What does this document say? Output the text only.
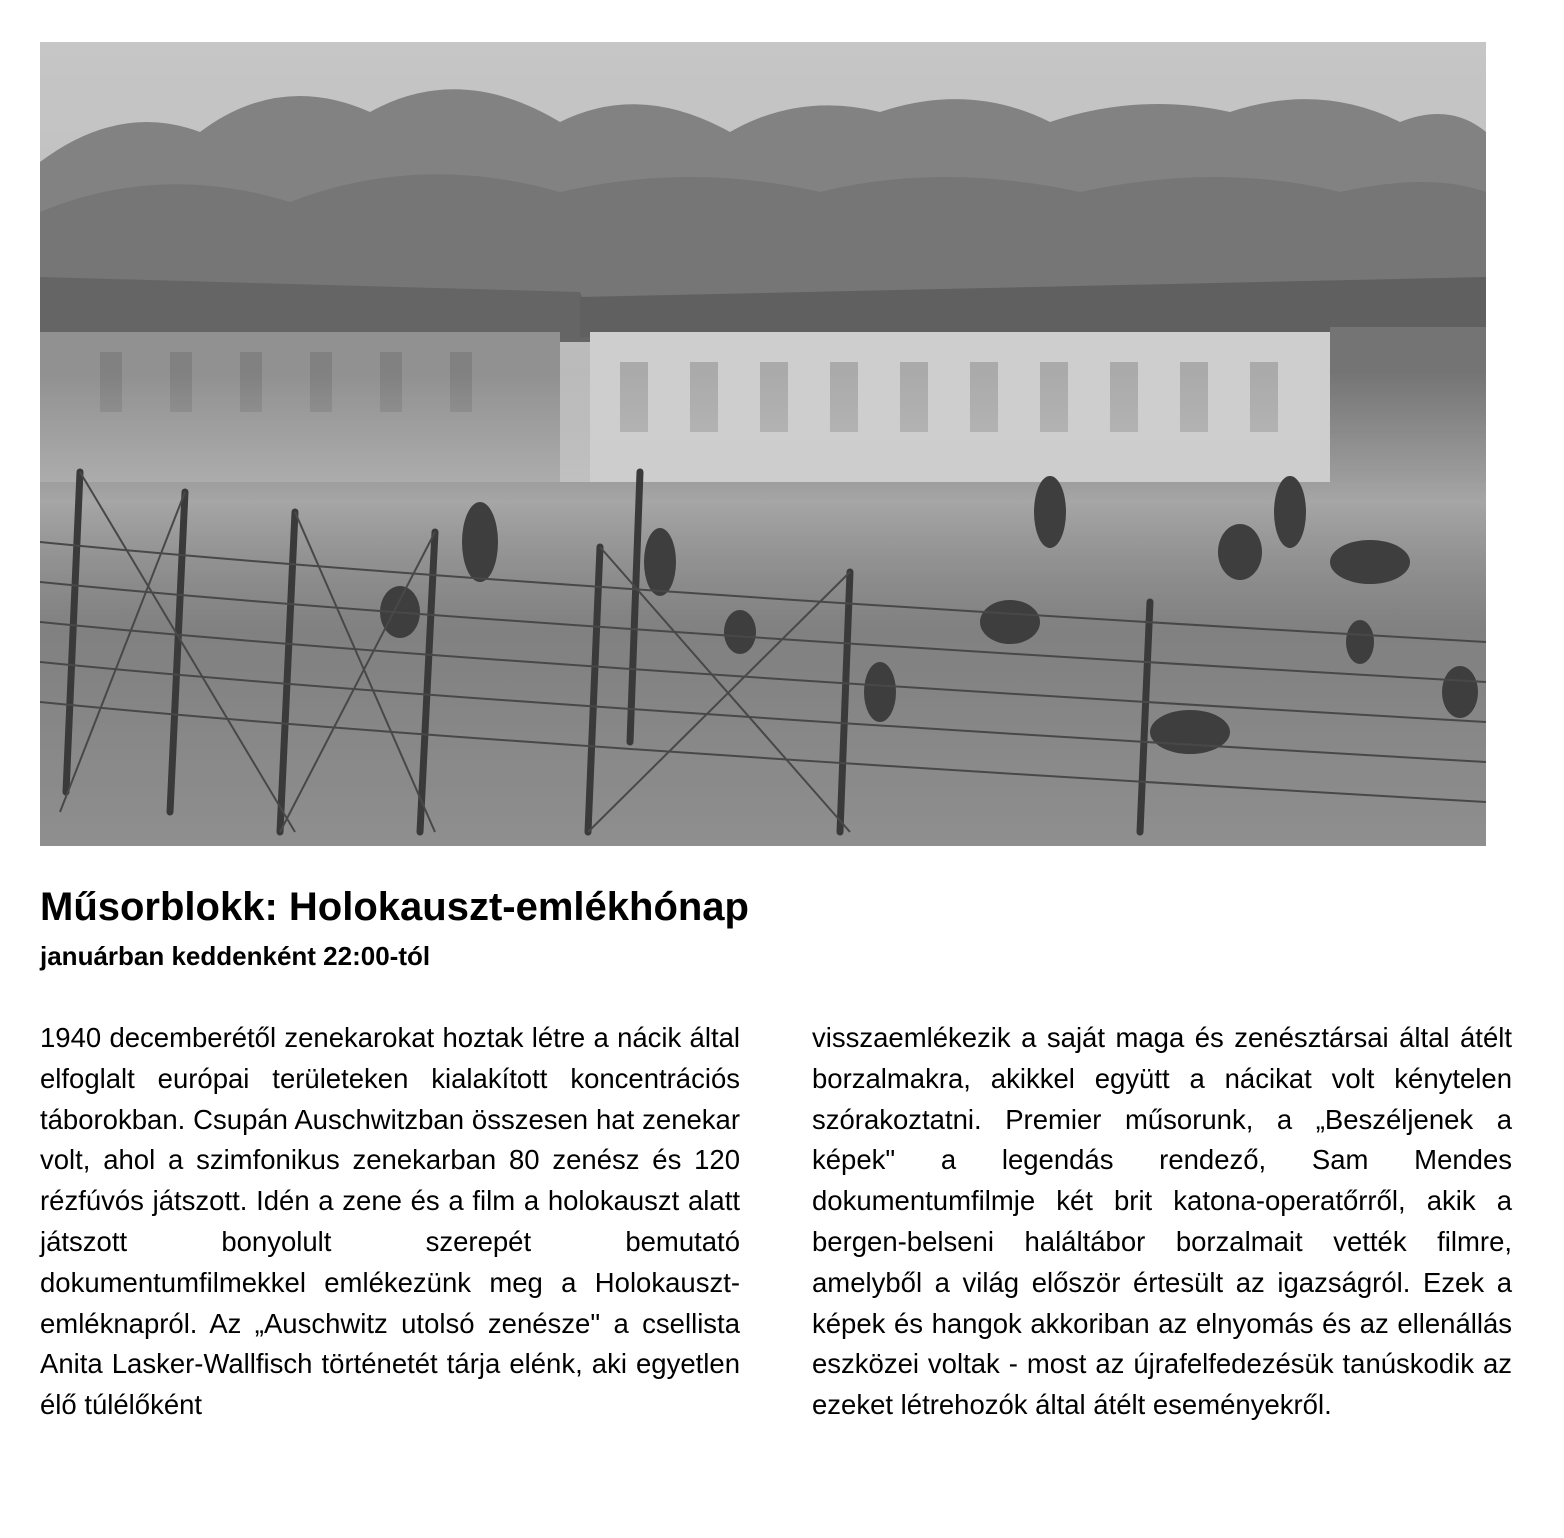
Műsorblokk: Holokauszt-emlékhónap

januárban keddenként 22:00-tól

1940 decemberétől zenekarokat hoztak létre a nácik által elfoglalt európai területeken kialakított koncentrációs táborokban. Csupán Auschwitzban összesen hat zenekar volt, ahol a szimfonikus zenekarban 80 zenész és 120 rézfúvós játszott. Idén a zene és a film a holokauszt alatt játszott bonyolult szerepét bemutató dokumentumfilmekkel emlékezünk meg a Holokauszt-emléknapról. Az „Auschwitz utolsó zenésze" a csellista Anita Lasker-Wallfisch történetét tárja elénk, aki egyetlen élő túlélőként

visszaemlékezik a saját maga és zenésztársai által átélt borzalmakra, akikkel együtt a nácikat volt kénytelen szórakoztatni. Premier műsorunk, a „Beszéljenek a képek" a legendás rendező, Sam Mendes dokumentumfilmje két brit katona-operatőrről, akik a bergen-belseni haláltábor borzalmait vették filmre, amelyből a világ először értesült az igazságról. Ezek a képek és hangok akkoriban az elnyomás és az ellenállás eszközei voltak - most az újrafelfedezésük tanúskodik az ezeket létrehozók által átélt eseményekről.
